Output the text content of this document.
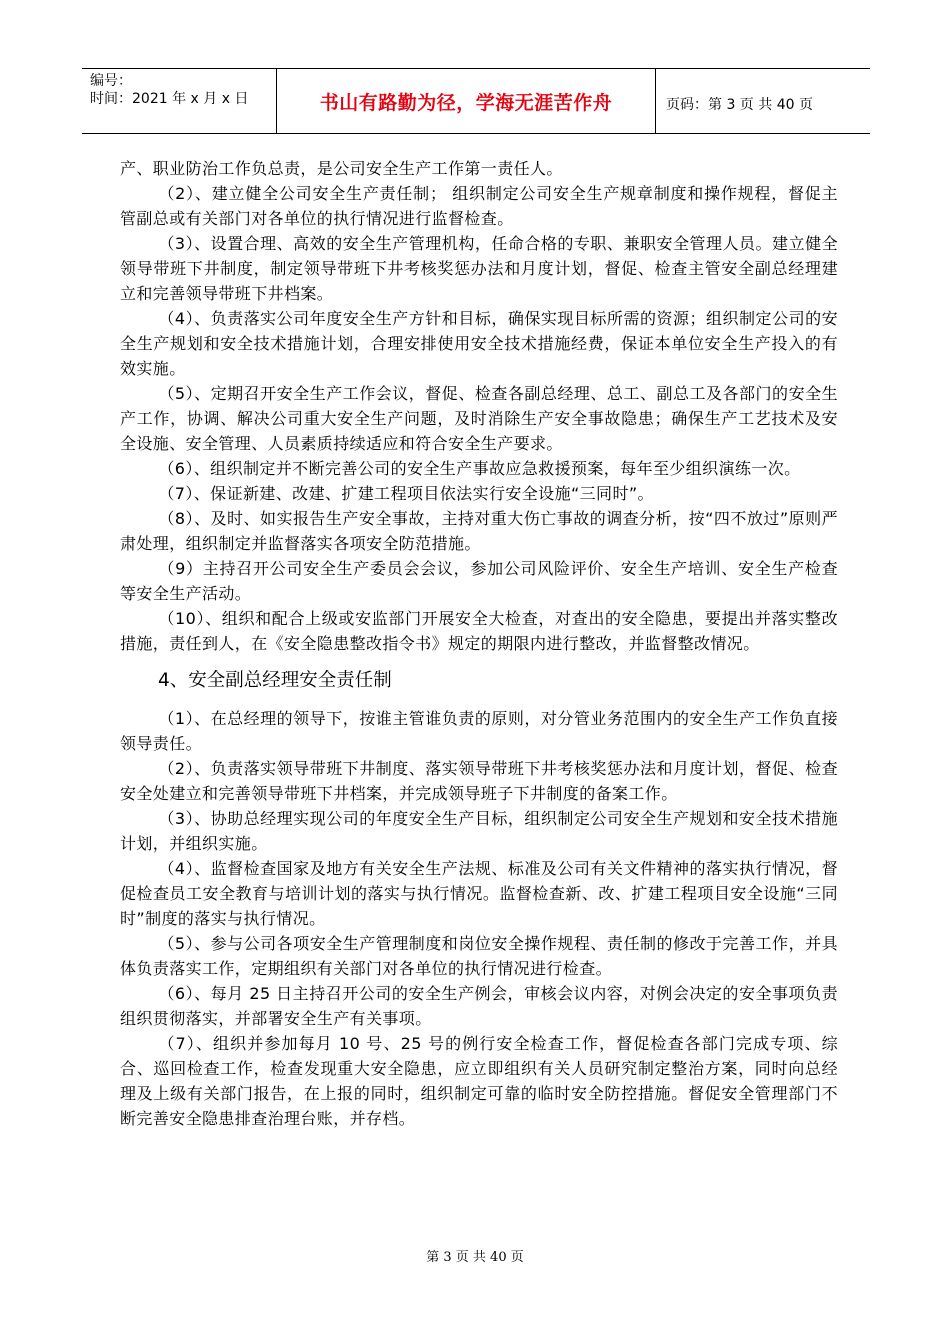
编号：
时间：2021 年 x 月 x 日	书山有路勤为径，学海无涯苦作舟	页码：第 3 页 共 40 页

产、职业防治工作负总责，是公司安全生产工作第一责任人。

（2）、建立健全公司安全生产责任制； 组织制定公司安全生产规章制度和操作规程，督促主管副总或有关部门对各单位的执行情况进行监督检查。

（3）、设置合理、高效的安全生产管理机构，任命合格的专职、兼职安全管理人员。建立健全领导带班下井制度，制定领导带班下井考核奖惩办法和月度计划，督促、检查主管安全副总经理建立和完善领导带班下井档案。

（4）、负责落实公司年度安全生产方针和目标，确保实现目标所需的资源；组织制定公司的安全生产规划和安全技术措施计划，合理安排使用安全技术措施经费，保证本单位安全生产投入的有效实施。

（5）、定期召开安全生产工作会议，督促、检查各副总经理、总工、副总工及各部门的安全生产工作，协调、解决公司重大安全生产问题，及时消除生产安全事故隐患；确保生产工艺技术及安全设施、安全管理、人员素质持续适应和符合安全生产要求。

（6）、组织制定并不断完善公司的安全生产事故应急救援预案，每年至少组织演练一次。

（7）、保证新建、改建、扩建工程项目依法实行安全设施“三同时”。

（8）、及时、如实报告生产安全事故，主持对重大伤亡事故的调查分析，按“四不放过”原则严肃处理，组织制定并监督落实各项安全防范措施。

（9）主持召开公司安全生产委员会会议，参加公司风险评价、安全生产培训、安全生产检查等安全生产活动。

（10）、组织和配合上级或安监部门开展安全大检查，对查出的安全隐患，要提出并落实整改措施，责任到人，在《安全隐患整改指令书》规定的期限内进行整改，并监督整改情况。

4、安全副总经理安全责任制

（1）、在总经理的领导下，按谁主管谁负责的原则，对分管业务范围内的安全生产工作负直接领导责任。

（2）、负责落实领导带班下井制度、落实领导带班下井考核奖惩办法和月度计划，督促、检查安全处建立和完善领导带班下井档案，并完成领导班子下井制度的备案工作。

（3）、协助总经理实现公司的年度安全生产目标，组织制定公司安全生产规划和安全技术措施计划，并组织实施。

（4）、监督检查国家及地方有关安全生产法规、标准及公司有关文件精神的落实执行情况，督促检查员工安全教育与培训计划的落实与执行情况。监督检查新、改、扩建工程项目安全设施“三同时”制度的落实与执行情况。

（5）、参与公司各项安全生产管理制度和岗位安全操作规程、责任制的修改于完善工作，并具体负责落实工作，定期组织有关部门对各单位的执行情况进行检查。

（6）、每月 25 日主持召开公司的安全生产例会，审核会议内容，对例会决定的安全事项负责组织贯彻落实，并部署安全生产有关事项。

（7）、组织并参加每月 10 号、25 号的例行安全检查工作，督促检查各部门完成专项、综合、巡回检查工作，检查发现重大安全隐患，应立即组织有关人员研究制定整治方案，同时向总经理及上级有关部门报告，在上报的同时，组织制定可靠的临时安全防控措施。督促安全管理部门不断完善安全隐患排查治理台账，并存档。

第 3 页 共 40 页
